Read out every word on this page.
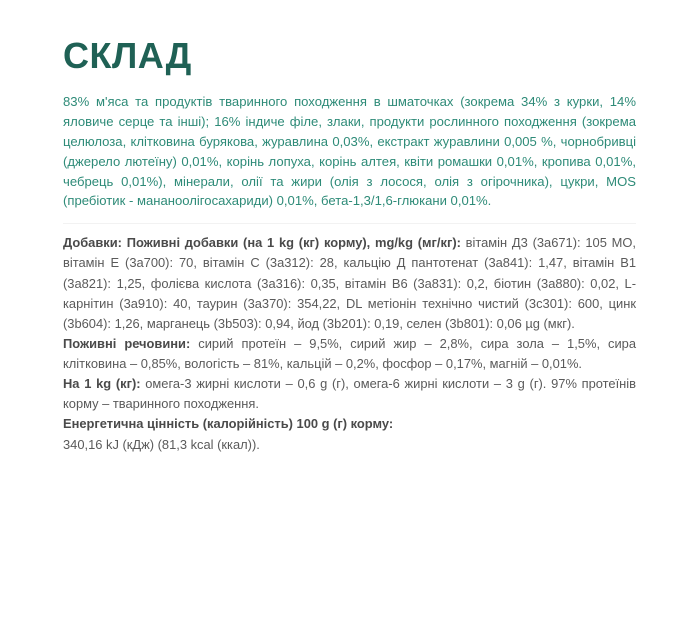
СКЛАД
83% м'яса та продуктів тваринного походження в шматочках (зокрема 34% з курки, 14% яловиче серце та інші); 16% індиче філе, злаки, продукти рослинного походження (зокрема целюлоза, клітковина бурякова, журавлина 0,03%, екстракт журавлини 0,005 %, чорнобривці (джерело лютеїну) 0,01%, корінь лопуха, корінь алтея, квіти ромашки 0,01%, кропива 0,01%, чебрець 0,01%), мінерали, олії та жири (олія з лосося, олія з огірочника), цукри, MOS (пребіотик - мананоолігосахариди) 0,01%, бета-1,3/1,6-глюкани 0,01%.

Добавки: Поживні добавки (на 1 kg (кг) корму), mg/kg (мг/кг): вітамін Д3 (3а671): 105 МО, вітамін Е (3а700): 70, вітамін С (3а312): 28, кальцію Д пантотенат (3а841): 1,47, вітамін В1 (3а821): 1,25, фолієва кислота (3а316): 0,35, вітамін В6 (3а831): 0,2, біотин (3а880): 0,02, L-карнітин (3а910): 40, таурин (3а370): 354,22, DL метіонін технічно чистий (3с301): 600, цинк (3b604): 1,26, марганець (3b503): 0,94, йод (3b201): 0,19, селен (3b801): 0,06 µg (мкг).

Поживні речовини: сирий протеїн – 9,5%, сирий жир – 2,8%, сира зола – 1,5%, сира клітковина – 0,85%, вологість – 81%, кальцій – 0,2%, фосфор – 0,17%, магній – 0,01%.

На 1 kg (кг): омега-3 жирні кислоти – 0,6 g (г), омега-6 жирні кислоти – 3 g (г). 97% протеїнів корму – тваринного походження.

Енергетична цінність (калорійність) 100 g (г) корму:
340,16 kJ (кДж) (81,3 kcal (ккал)).
